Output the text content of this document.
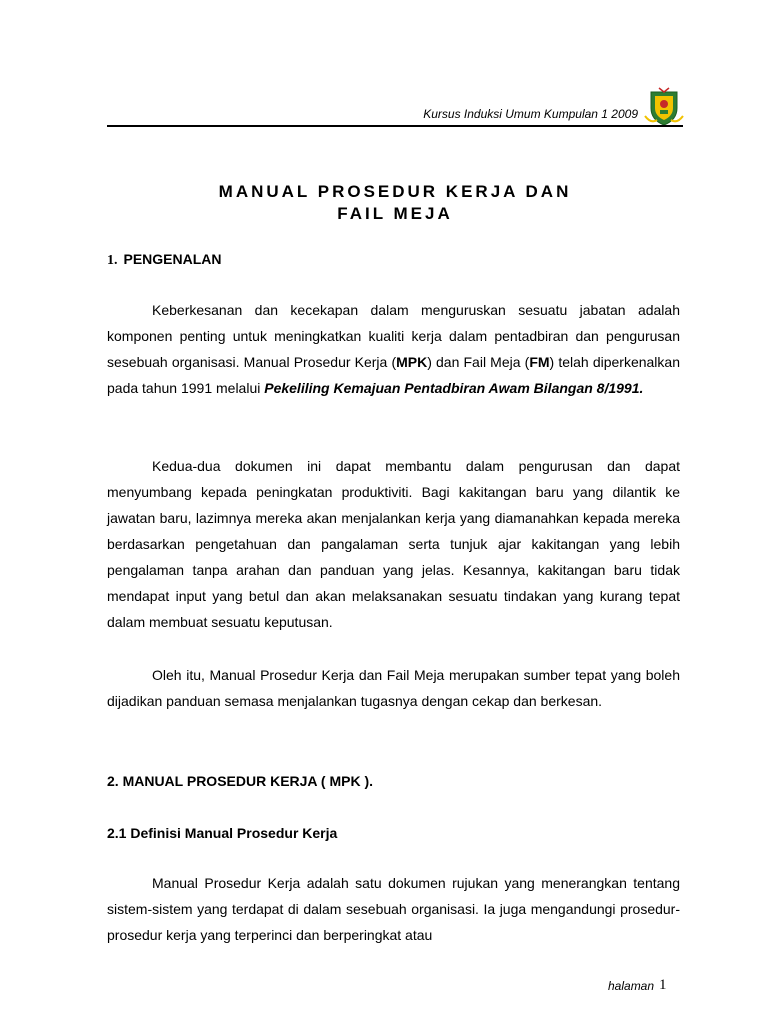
Kursus Induksi Umum Kumpulan 1 2009
MANUAL PROSEDUR KERJA DAN
FAIL MEJA
1. PENGENALAN
Keberkesanan dan kecekapan dalam menguruskan sesuatu jabatan adalah komponen penting untuk meningkatkan kualiti kerja dalam pentadbiran dan pengurusan sesebuah organisasi. Manual Prosedur Kerja (MPK) dan Fail Meja (FM) telah diperkenalkan pada tahun 1991 melalui Pekeliling Kemajuan Pentadbiran Awam Bilangan 8/1991.
Kedua-dua dokumen ini dapat membantu dalam pengurusan dan dapat menyumbang kepada peningkatan produktiviti. Bagi kakitangan baru yang dilantik ke jawatan baru, lazimnya mereka akan menjalankan kerja yang diamanahkan kepada mereka berdasarkan pengetahuan dan pangalaman serta tunjuk ajar kakitangan yang lebih pengalaman tanpa arahan dan panduan yang jelas. Kesannya, kakitangan baru tidak mendapat input yang betul dan akan melaksanakan sesuatu tindakan yang kurang tepat dalam membuat sesuatu keputusan.
Oleh itu, Manual Prosedur Kerja dan Fail Meja merupakan sumber tepat yang boleh dijadikan panduan semasa menjalankan tugasnya dengan cekap dan berkesan.
2. MANUAL PROSEDUR KERJA ( MPK ).
2.1 Definisi Manual Prosedur Kerja
Manual Prosedur Kerja adalah satu dokumen rujukan yang menerangkan tentang sistem-sistem yang terdapat di dalam sesebuah organisasi. Ia juga mengandungi prosedur-prosedur kerja yang terperinci dan berperingkat atau
halaman 1
